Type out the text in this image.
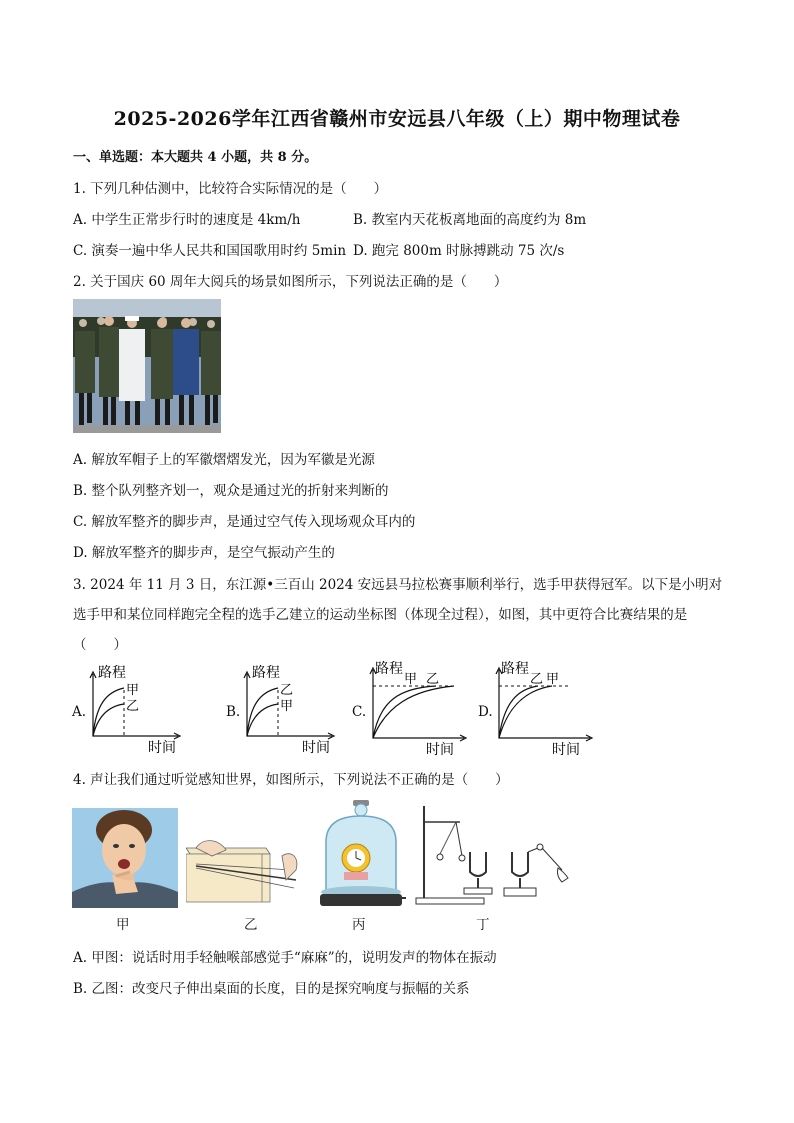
2025-2026学年江西省赣州市安远县八年级（上）期中物理试卷
一、单选题：本大题共 4 小题，共 8 分。
1. 下列几种估测中，比较符合实际情况的是（　　）
A. 中学生正常步行时的速度是 4km/h	B. 教室内天花板离地面的高度约为 8m
C. 演奏一遍中华人民共和国国歌用时约 5min D. 跑完 800m 时脉搏跳动 75 次/s
2. 关于国庆 60 周年大阅兵的场景如图所示，下列说法正确的是（　　）
A. 解放军帽子上的军徽熠熠发光，因为军徽是光源
B. 整个队列整齐划一，观众是通过光的折射来判断的
C. 解放军整齐的脚步声，是通过空气传入现场观众耳内的
D. 解放军整齐的脚步声，是空气振动产生的
3. 2024 年 11 月 3 日，东江源•三百山 2024 安远县马拉松赛事顺利举行，选手甲获得冠军。以下是小明对
选手甲和某位同样跑完全程的选手乙建立的运动坐标图（体现全过程），如图，其中更符合比赛结果的是
（　　）
A.
路程
时间
甲
乙	B.
路程
时间
乙
甲	C.
路程
时间
甲 乙
D.
路程
时间
乙 甲
4. 声让我们通过听觉感知世界，如图所示，下列说法不正确的是（　　）
甲	乙	丙	丁
A. 甲图：说话时用手轻触喉部感觉手“麻麻”的，说明发声的物体在振动
B. 乙图：改变尺子伸出桌面的长度，目的是探究响度与振幅的关系
